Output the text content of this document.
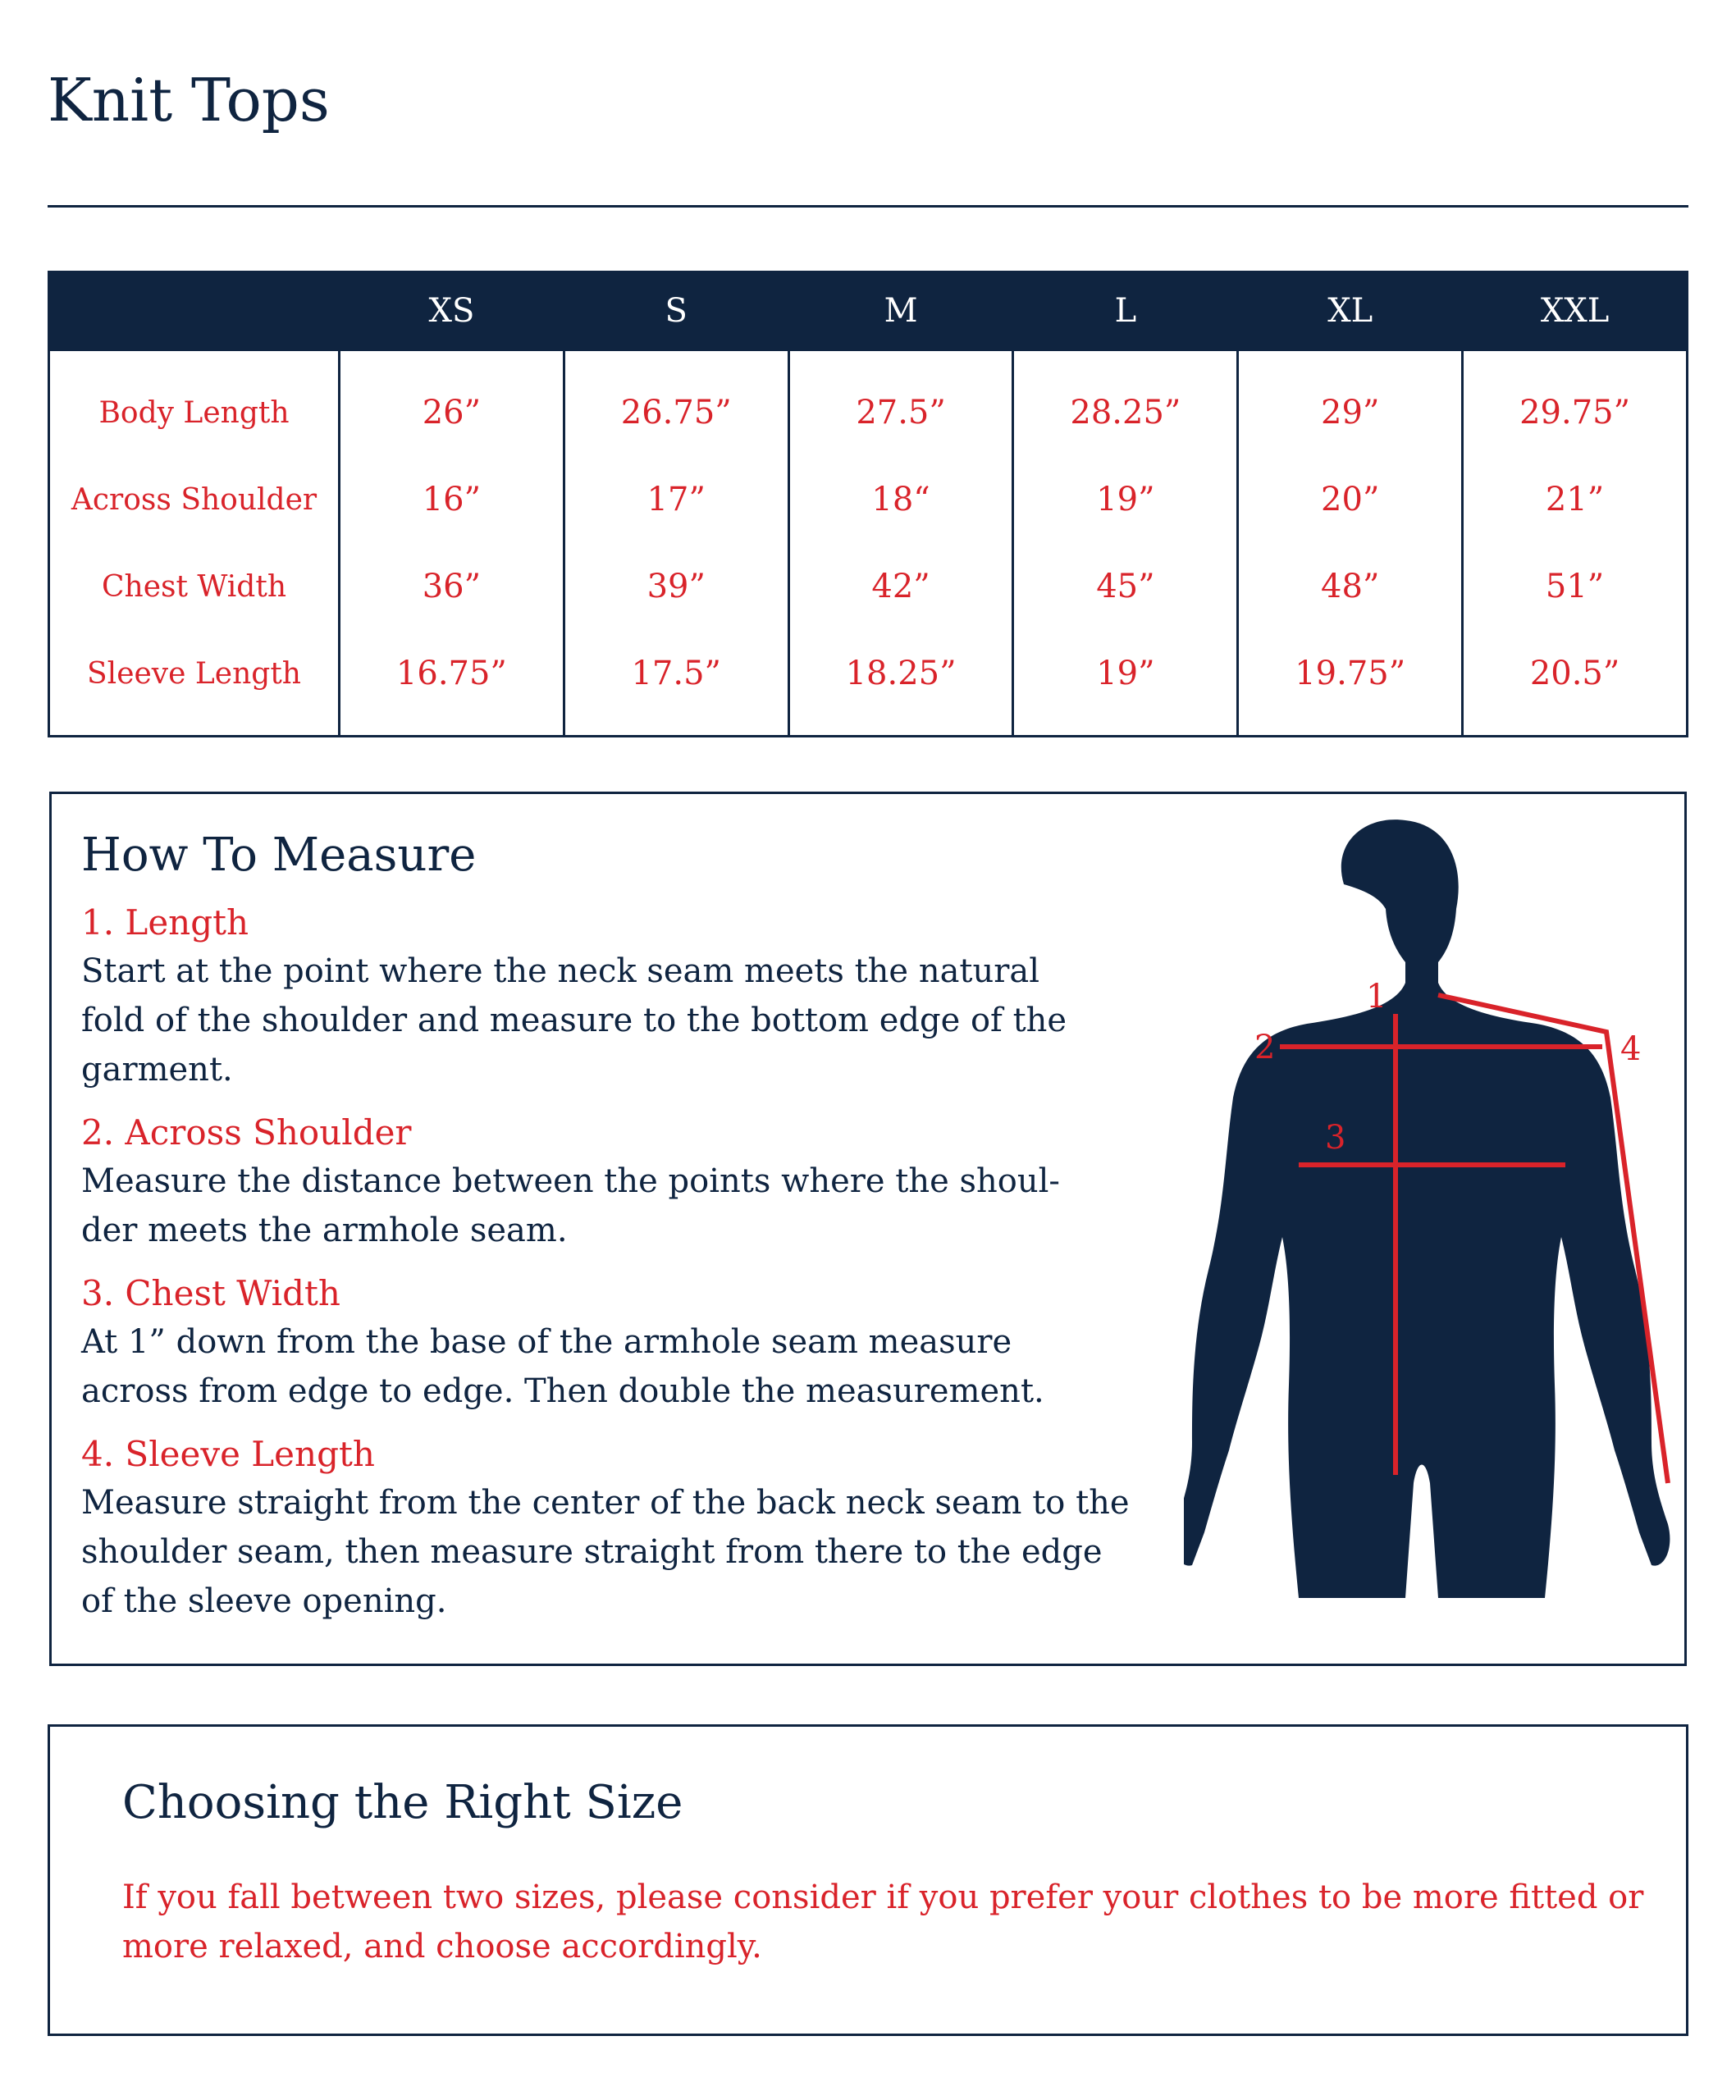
Knit Tops
	XS	S	M	L	XL	XXL
Body Length	26”	26.75”	27.5”	28.25”	29”	29.75”
Across Shoulder	16”	17”	18“	19”	20”	21”
Chest Width	36”	39”	42”	45”	48”	51”
Sleeve Length	16.75”	17.5”	18.25”	19”	19.75”	20.5”
How To Measure
1. Length
Start at the point where the neck seam meets the natural
fold of the shoulder and measure to the bottom edge of the
garment.
2. Across Shoulder
Measure the distance between the points where the shoul-
der meets the armhole seam.
3. Chest Width
At 1” down from the base of the armhole seam measure
across from edge to edge. Then double the measurement.
4. Sleeve Length
Measure straight from the center of the back neck seam to the
shoulder seam, then measure straight from there to the edge
of the sleeve opening.
1
2
3
4
Choosing the Right Size
If you fall between two sizes, please consider if you prefer your clothes to be more fitted or more relaxed, and choose accordingly.
